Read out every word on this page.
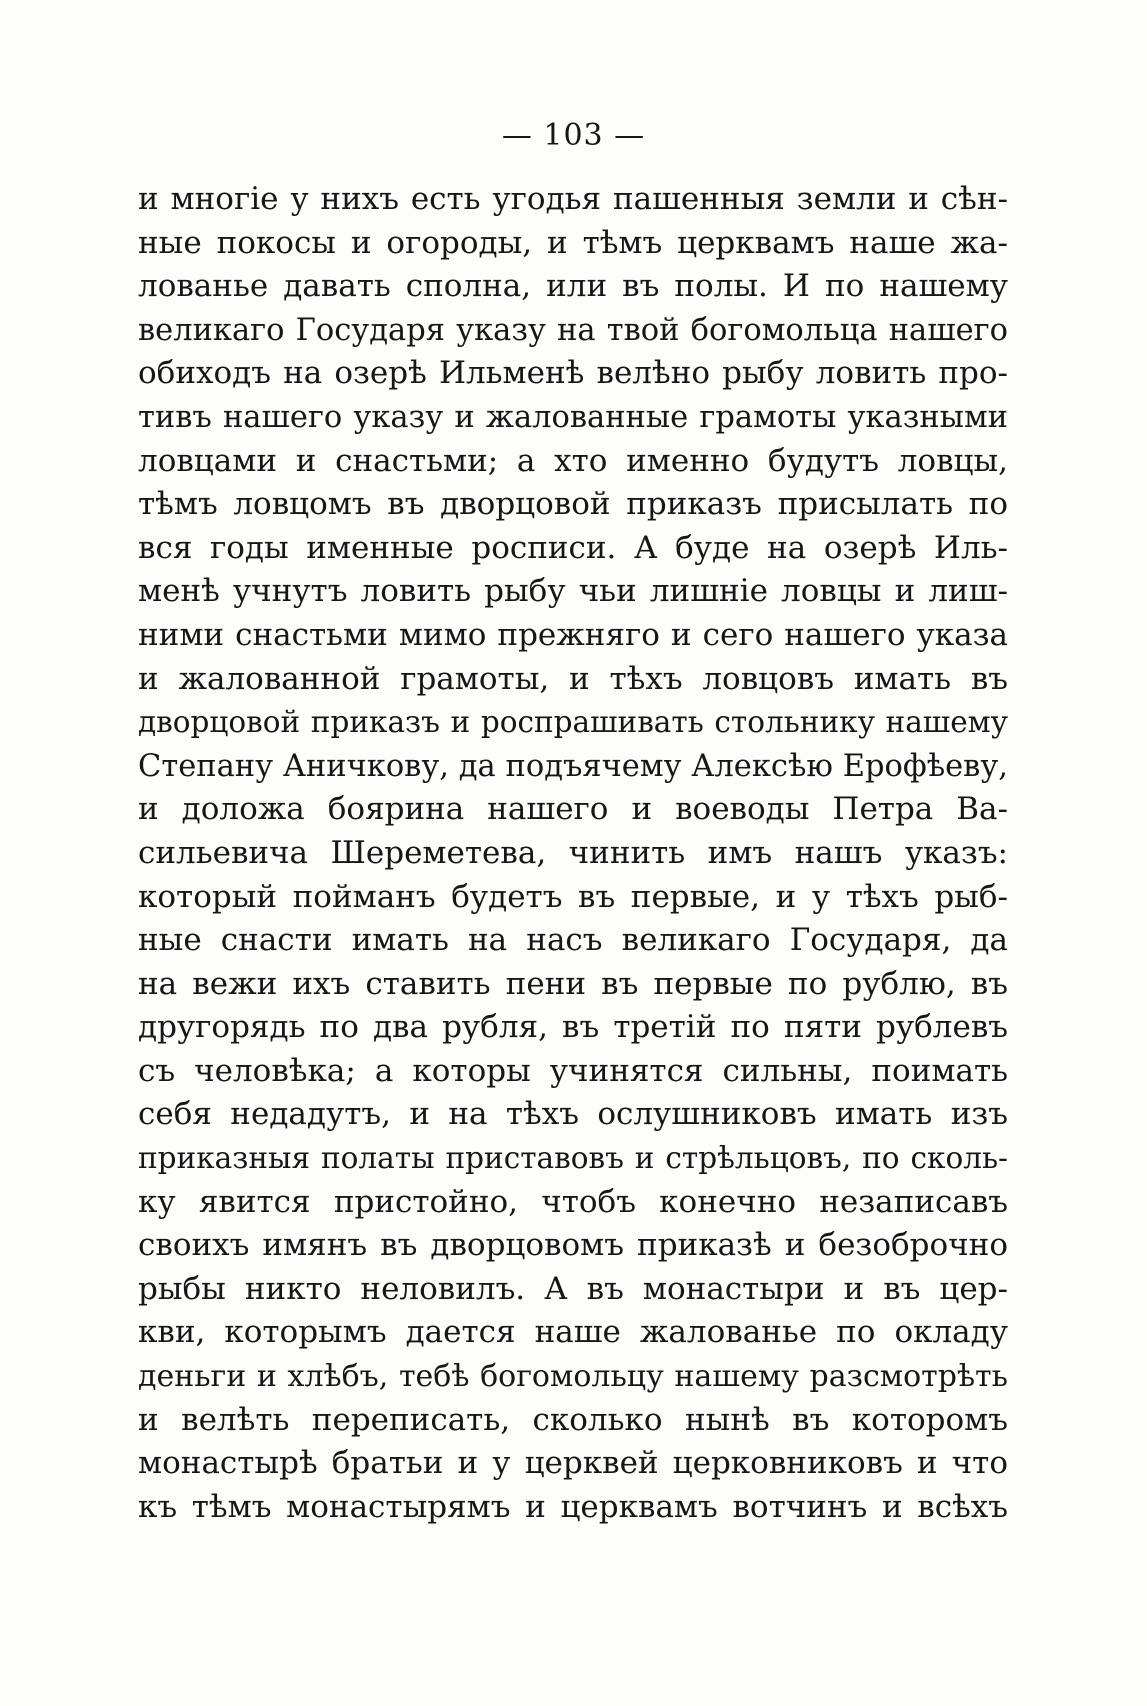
— 103 —
и многіе у нихъ есть угодья пашенныя земли и сѣн-
ные покосы и огороды, и тѣмъ церквамъ наше жа-
лованье давать сполна, или въ полы. И по нашему
великаго Государя указу на твой богомольца нашего
обиходъ на озерѣ Ильменѣ велѣно рыбу ловить про-
тивъ нашего указу и жалованные грамоты указными
ловцами и снастьми; а хто именно будутъ ловцы,
тѣмъ ловцомъ въ дворцовой приказъ присылать по
вся годы именные росписи. А буде на озерѣ Иль-
менѣ учнутъ ловить рыбу чьи лишніе ловцы и лиш-
ними снастьми мимо прежняго и сего нашего указа
и жалованной грамоты, и тѣхъ ловцовъ имать въ
дворцовой приказъ и роспрашивать стольнику нашему
Степану Аничкову, да подъячему Алексѣю Ерофѣеву,
и доложа боярина нашего и воеводы Петра Ва-
сильевича Шереметева, чинить имъ нашъ указъ:
который пойманъ будетъ въ первые, и у тѣхъ рыб-
ные снасти имать на насъ великаго Государя, да
на вежи ихъ ставить пени въ первые по рублю, въ
другорядь по два рубля, въ третій по пяти рублевъ
съ человѣка; а которы учинятся сильны, поимать
себя недадутъ, и на тѣхъ ослушниковъ имать изъ
приказныя полаты приставовъ и стрѣльцовъ, по сколь-
ку явится пристойно, чтобъ конечно незаписавъ
своихъ имянъ въ дворцовомъ приказѣ и безоброчно
рыбы никто неловилъ. А въ монастыри и въ цер-
кви, которымъ дается наше жалованье по окладу
деньги и хлѣбъ, тебѣ богомольцу нашему разсмотрѣть
и велѣть переписать, сколько нынѣ въ которомъ
монастырѣ братьи и у церквей церковниковъ и что
къ тѣмъ монастырямъ и церквамъ вотчинъ и всѣхъ
